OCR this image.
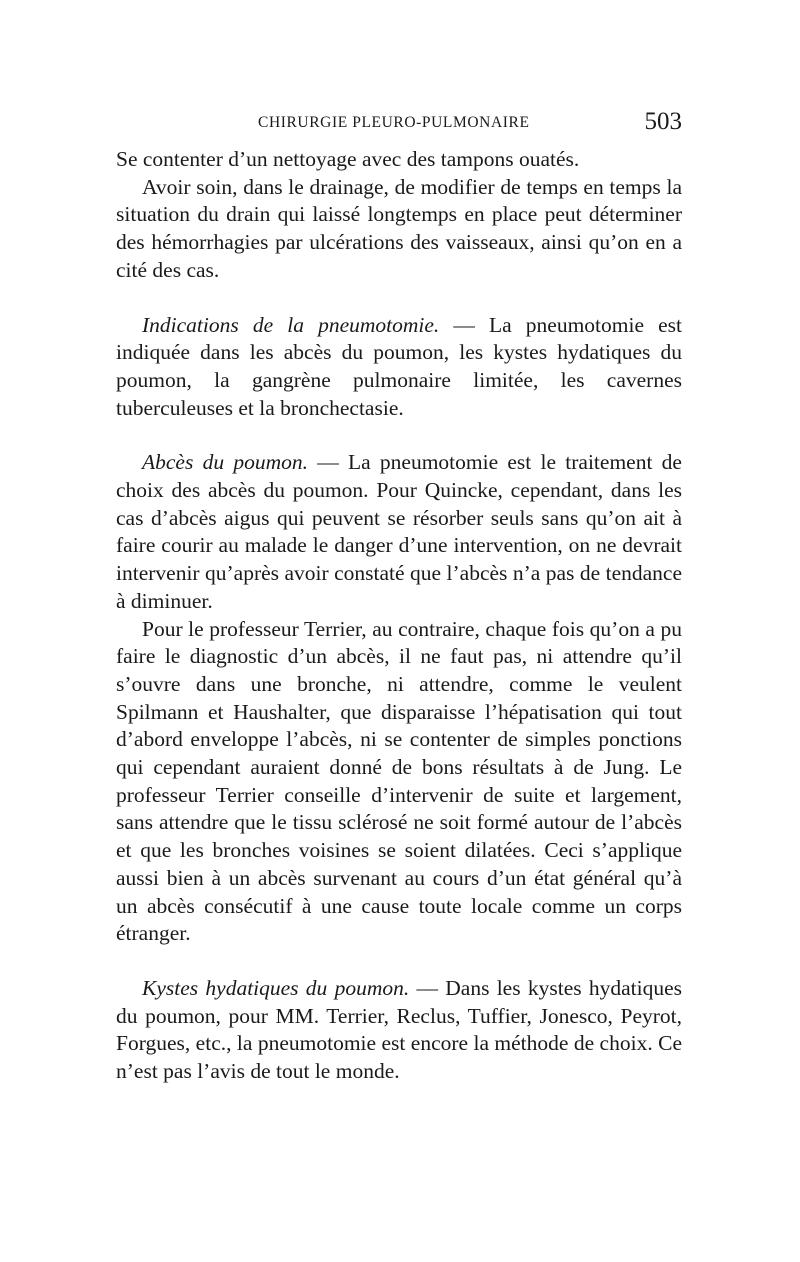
CHIRURGIE PLEURO-PULMONAIRE	503

Se contenter d’un nettoyage avec des tampons ouatés.

Avoir soin, dans le drainage, de modifier de temps en temps la situation du drain qui laissé longtemps en place peut déterminer des hémorrhagies par ulcérations des vaisseaux, ainsi qu’on en a cité des cas.

Indications de la pneumotomie. — La pneumotomie est indiquée dans les abcès du poumon, les kystes hydatiques du poumon, la gangrène pulmonaire limitée, les cavernes tuberculeuses et la bronchectasie.

Abcès du poumon. — La pneumotomie est le traitement de choix des abcès du poumon. Pour Quincke, cependant, dans les cas d’abcès aigus qui peuvent se résorber seuls sans qu’on ait à faire courir au malade le danger d’une intervention, on ne devrait intervenir qu’après avoir constaté que l’abcès n’a pas de tendance à diminuer.

Pour le professeur Terrier, au contraire, chaque fois qu’on a pu faire le diagnostic d’un abcès, il ne faut pas, ni attendre qu’il s’ouvre dans une bronche, ni attendre, comme le veulent Spilmann et Haushalter, que disparaisse l’hépatisation qui tout d’abord enveloppe l’abcès, ni se contenter de simples ponctions qui cependant auraient donné de bons résultats à de Jung. Le professeur Terrier conseille d’intervenir de suite et largement, sans attendre que le tissu sclérosé ne soit formé autour de l’abcès et que les bronches voisines se soient dilatées. Ceci s’applique aussi bien à un abcès survenant au cours d’un état général qu’à un abcès consécutif à une cause toute locale comme un corps étranger.

Kystes hydatiques du poumon. — Dans les kystes hydatiques du poumon, pour MM. Terrier, Reclus, Tuffier, Jonesco, Peyrot, Forgues, etc., la pneumotomie est encore la méthode de choix. Ce n’est pas l’avis de tout le monde.
